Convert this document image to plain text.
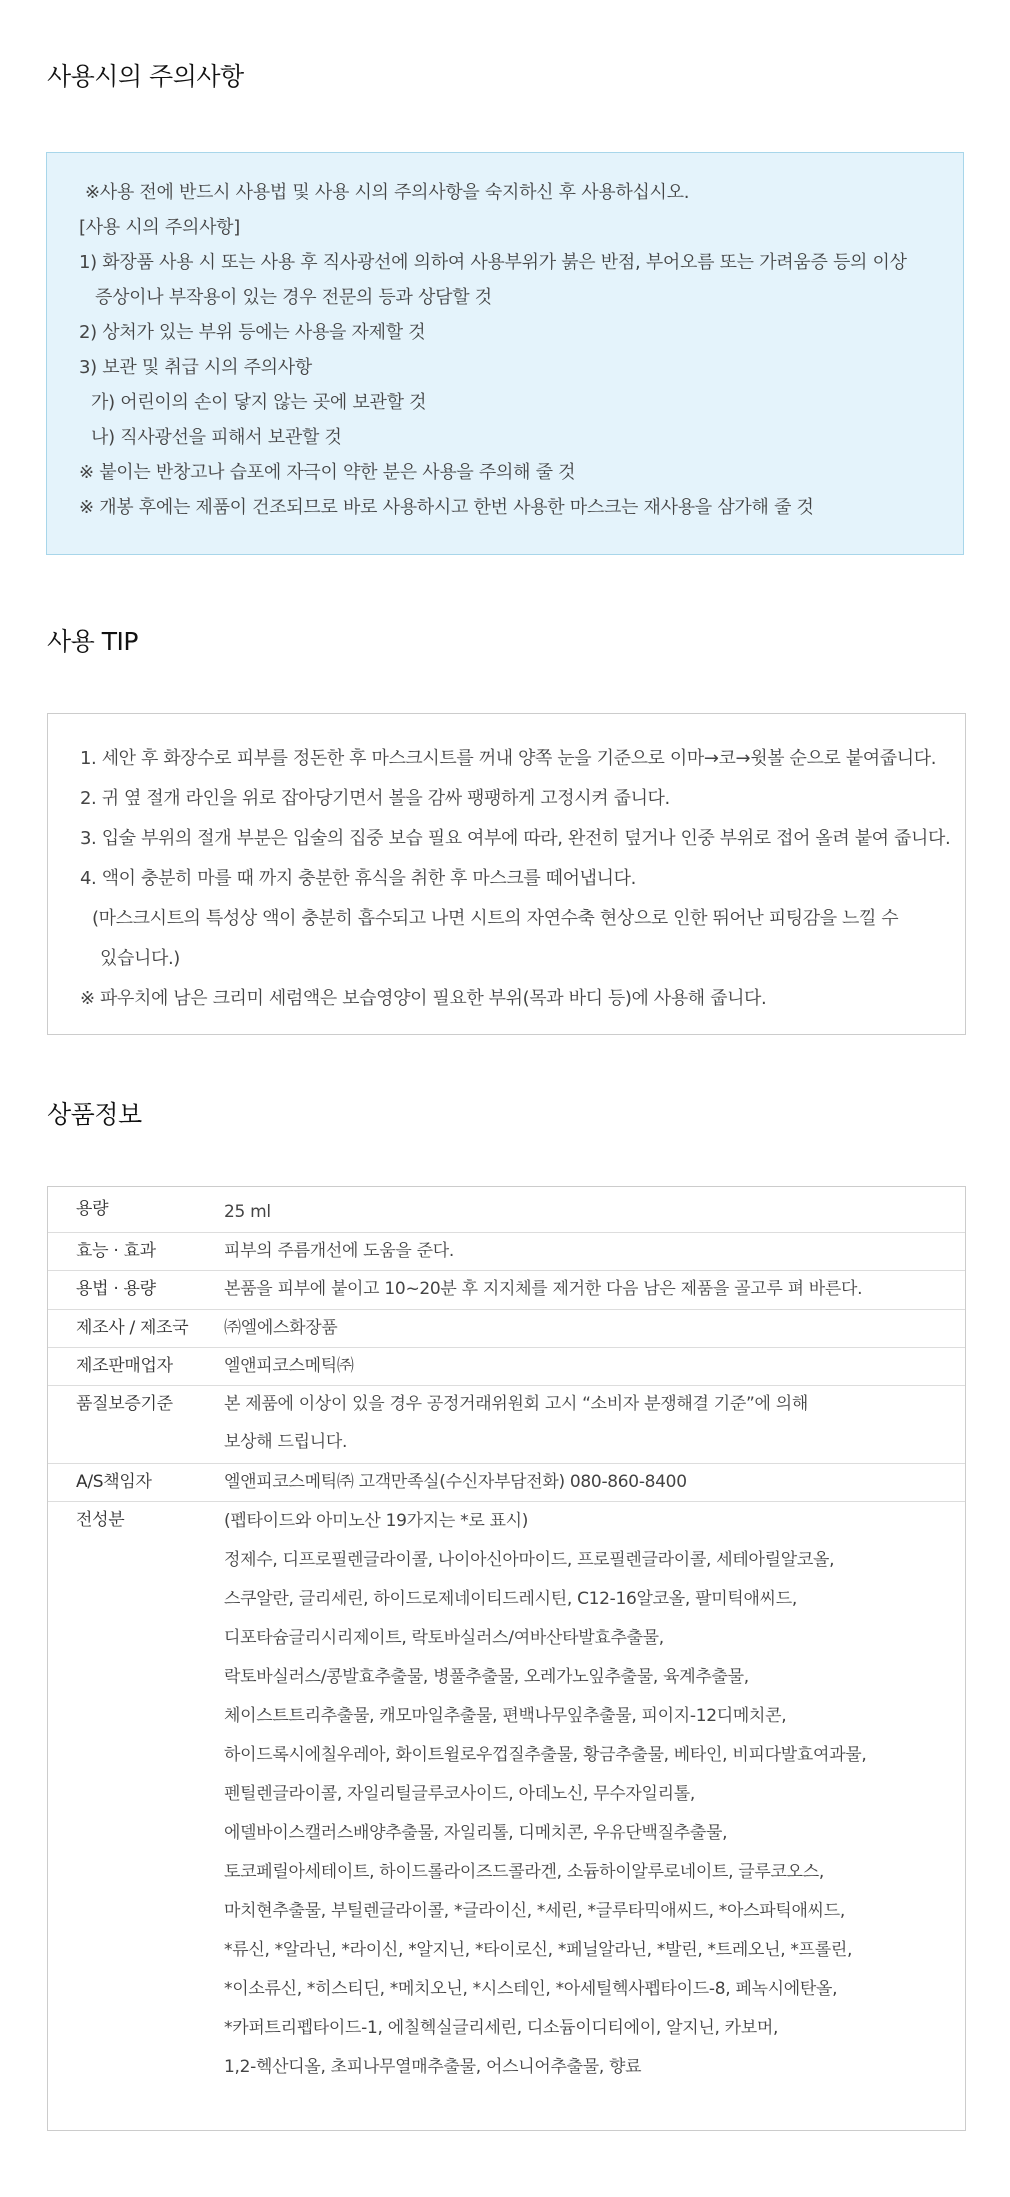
사용시의 주의사항
※사용 전에 반드시 사용법 및 사용 시의 주의사항을 숙지하신 후 사용하십시오.
[사용 시의 주의사항]
1) 화장품 사용 시 또는 사용 후 직사광선에 의하여 사용부위가 붉은 반점, 부어오름 또는 가려움증 등의 이상
증상이나 부작용이 있는 경우 전문의 등과 상담할 것
2) 상처가 있는 부위 등에는 사용을 자제할 것
3) 보관 및 취급 시의 주의사항
가) 어린이의 손이 닿지 않는 곳에 보관할 것
나) 직사광선을 피해서 보관할 것
※ 붙이는 반창고나 습포에 자극이 약한 분은 사용을 주의해 줄 것
※ 개봉 후에는 제품이 건조되므로 바로 사용하시고 한번 사용한 마스크는 재사용을 삼가해 줄 것
사용 TIP
1. 세안 후 화장수로 피부를 정돈한 후 마스크시트를 꺼내 양쪽 눈을 기준으로 이마→코→윗볼 순으로 붙여줍니다.
2. 귀 옆 절개 라인을 위로 잡아당기면서 볼을 감싸 팽팽하게 고정시켜 줍니다.
3. 입술 부위의 절개 부분은 입술의 집중 보습 필요 여부에 따라, 완전히 덮거나 인중 부위로 접어 올려 붙여 줍니다.
4. 액이 충분히 마를 때 까지 충분한 휴식을 취한 후 마스크를 떼어냅니다.
(마스크시트의 특성상 액이 충분히 흡수되고 나면 시트의 자연수축 현상으로 인한 뛰어난 피팅감을 느낄 수
있습니다.)
※ 파우치에 남은 크리미 세럼액은 보습영양이 필요한 부위(목과 바디 등)에 사용해 줍니다.
상품정보
용량	25 ml
효능 · 효과	피부의 주름개선에 도움을 준다.
용법 · 용량	본품을 피부에 붙이고 10~20분 후 지지체를 제거한 다음 남은 제품을 골고루 펴 바른다.
제조사 / 제조국	㈜엘에스화장품
제조판매업자	엘앤피코스메틱㈜
품질보증기준	본 제품에 이상이 있을 경우 공정거래위원회 고시 “소비자 분쟁해결 기준”에 의해
보상해 드립니다.
A/S책임자	엘앤피코스메틱㈜ 고객만족실(수신자부담전화) 080-860-8400
전성분	(펩타이드와 아미노산 19가지는 *로 표시)
정제수, 디프로필렌글라이콜, 나이아신아마이드, 프로필렌글라이콜, 세테아릴알코올,
스쿠알란, 글리세린, 하이드로제네이티드레시틴, C12-16알코올, 팔미틱애씨드,
디포타슘글리시리제이트, 락토바실러스/여바산타발효추출물,
락토바실러스/콩발효추출물, 병풀추출물, 오레가노잎추출물, 육계추출물,
체이스트트리추출물, 캐모마일추출물, 편백나무잎추출물, 피이지-12디메치콘,
하이드록시에칠우레아, 화이트윌로우껍질추출물, 황금추출물, 베타인, 비피다발효여과물,
펜틸렌글라이콜, 자일리틸글루코사이드, 아데노신, 무수자일리톨,
에델바이스캘러스배양추출물, 자일리톨, 디메치콘, 우유단백질추출물,
토코페릴아세테이트, 하이드롤라이즈드콜라겐, 소듐하이알루로네이트, 글루코오스,
마치현추출물, 부틸렌글라이콜, *글라이신, *세린, *글루타믹애씨드, *아스파틱애씨드,
*류신, *알라닌, *라이신, *알지닌, *타이로신, *페닐알라닌, *발린, *트레오닌, *프롤린,
*이소류신, *히스티딘, *메치오닌, *시스테인, *아세틸헥사펩타이드-8, 페녹시에탄올,
*카퍼트리펩타이드-1, 에칠헥실글리세린, 디소듐이디티에이, 알지닌, 카보머,
1,2-헥산디올, 초피나무열매추출물, 어스니어추출물, 향료
